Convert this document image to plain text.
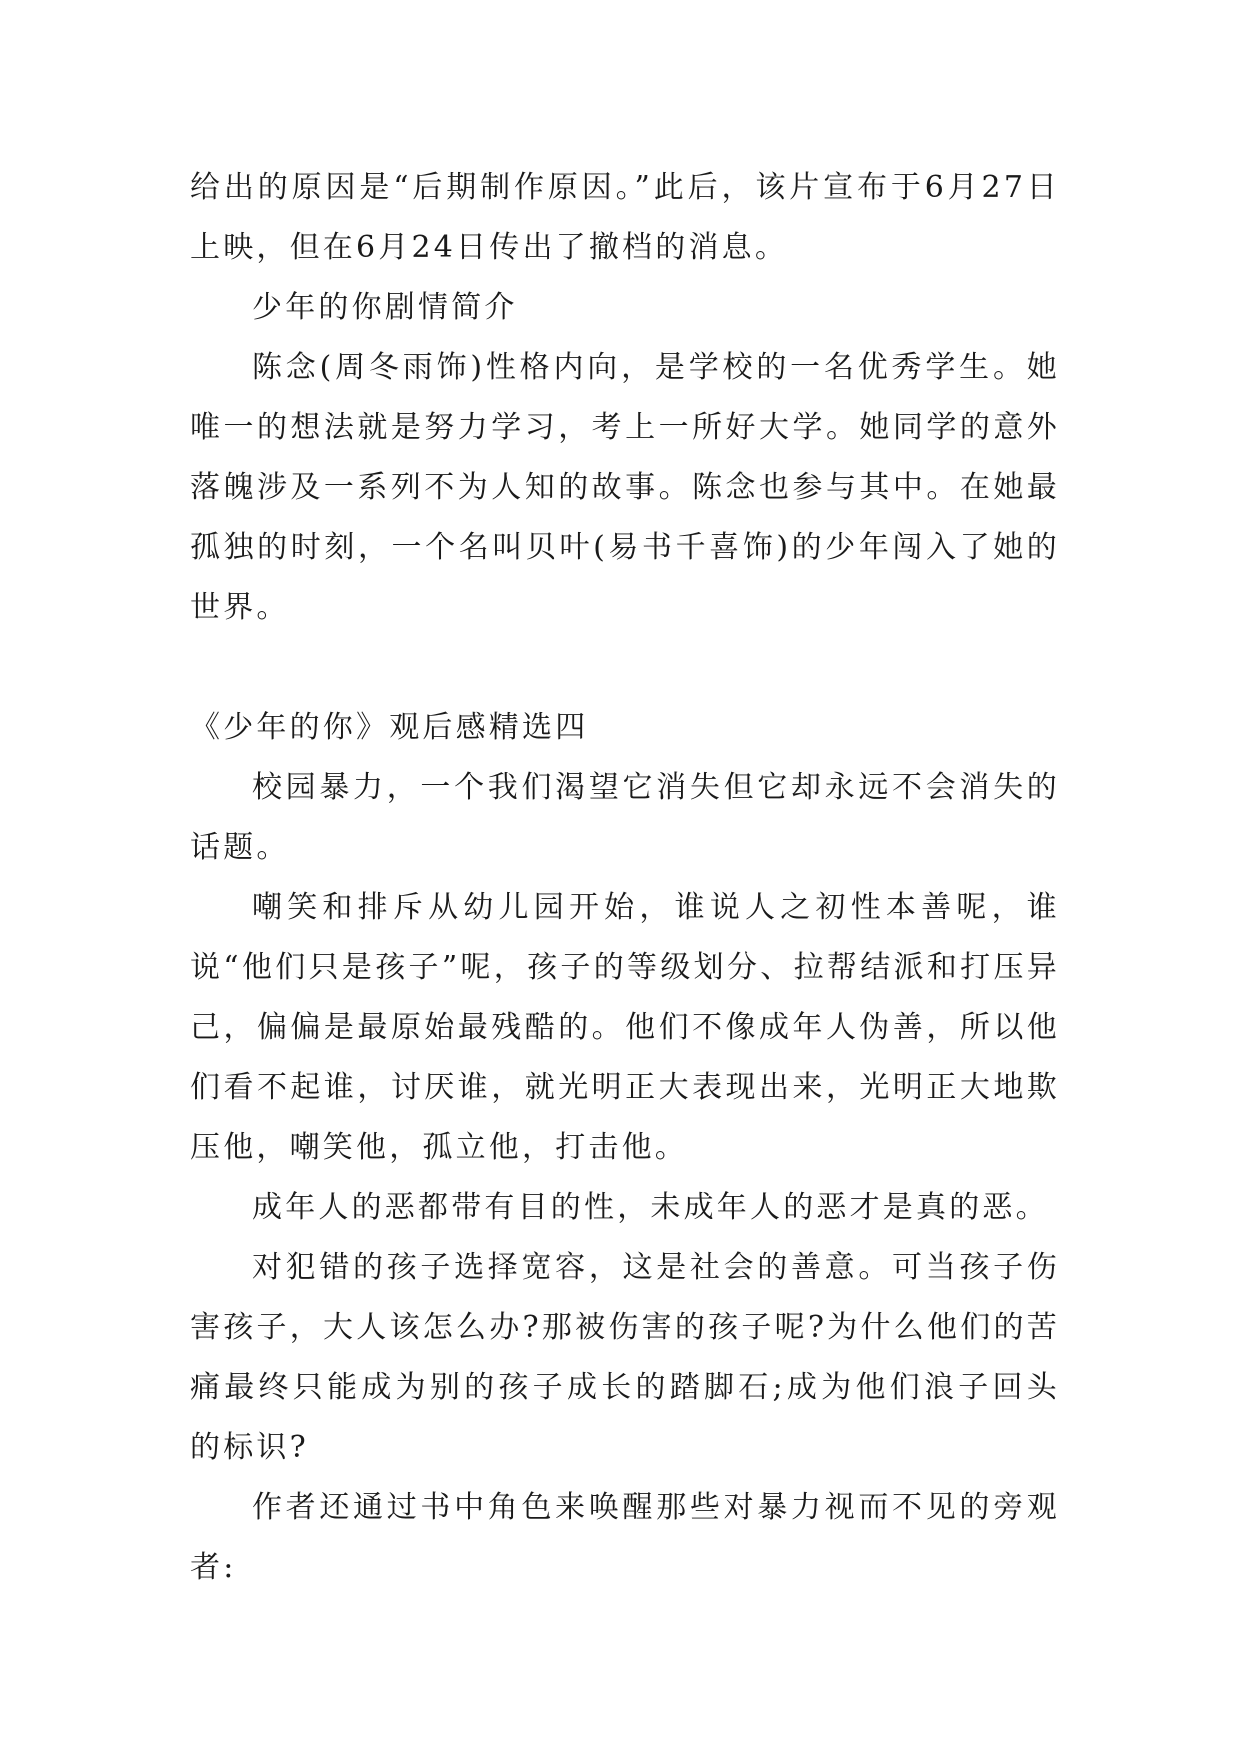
给出的原因是“后期制作原因。”此后，该片宣布于6月27日上映，但在6月24日传出了撤档的消息。

少年的你剧情简介

陈念(周冬雨饰)性格内向，是学校的一名优秀学生。她唯一的想法就是努力学习，考上一所好大学。她同学的意外落魄涉及一系列不为人知的故事。陈念也参与其中。在她最孤独的时刻，一个名叫贝叶(易书千喜饰)的少年闯入了她的世界。

《少年的你》观后感精选四

校园暴力，一个我们渴望它消失但它却永远不会消失的话题。

嘲笑和排斥从幼儿园开始，谁说人之初性本善呢，谁说“他们只是孩子”呢，孩子的等级划分、拉帮结派和打压异己，偏偏是最原始最残酷的。他们不像成年人伪善，所以他们看不起谁，讨厌谁，就光明正大表现出来，光明正大地欺压他，嘲笑他，孤立他，打击他。

成年人的恶都带有目的性，未成年人的恶才是真的恶。

对犯错的孩子选择宽容，这是社会的善意。可当孩子伤害孩子，大人该怎么办?那被伤害的孩子呢?为什么他们的苦痛最终只能成为别的孩子成长的踏脚石;成为他们浪子回头的标识?

作者还通过书中角色来唤醒那些对暴力视而不见的旁观者:
